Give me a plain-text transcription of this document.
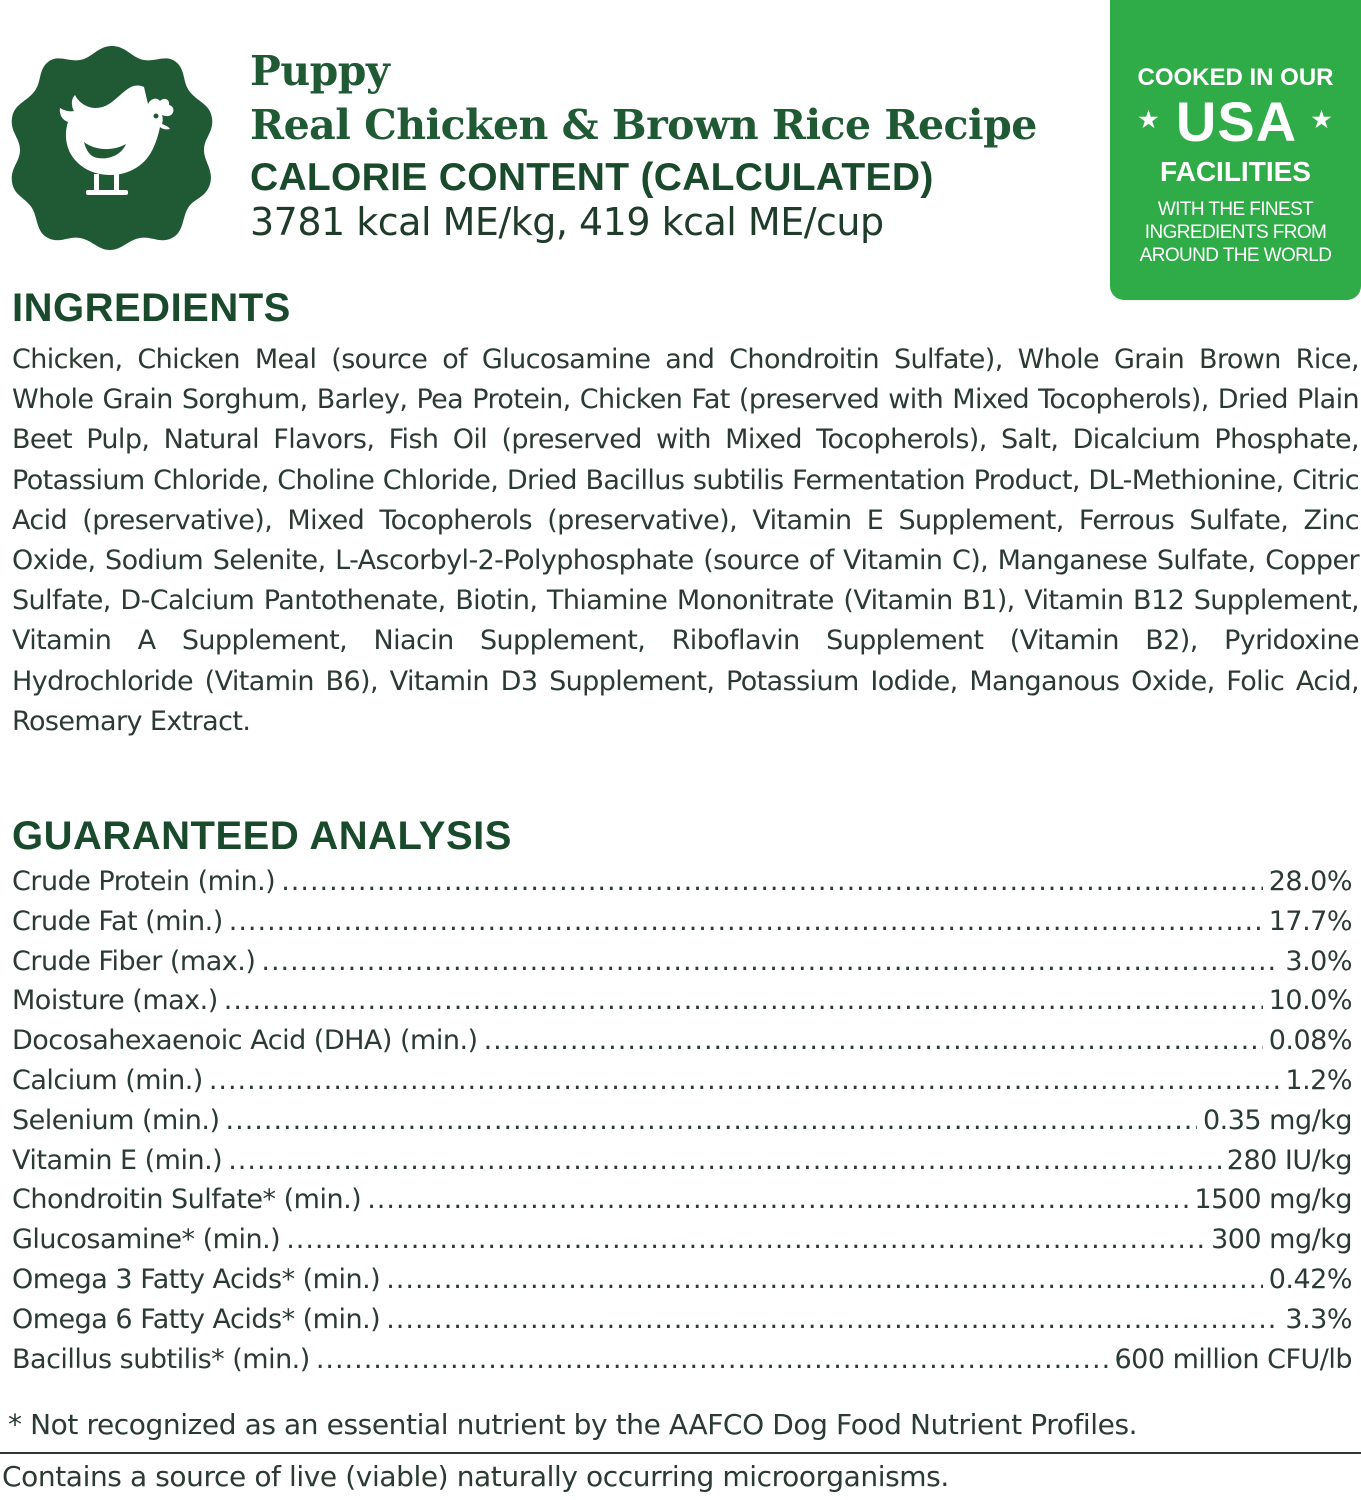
Puppy
Real Chicken & Brown Rice Recipe
CALORIE CONTENT (CALCULATED)
3781 kcal ME/kg, 419 kcal ME/cup
COOKED IN OUR
★ USA ★
FACILITIES
WITH THE FINEST INGREDIENTS FROM AROUND THE WORLD
INGREDIENTS
Chicken, Chicken Meal (source of Glucosamine and Chondroitin Sulfate), Whole Grain Brown Rice, Whole Grain Sorghum, Barley, Pea Protein, Chicken Fat (preserved with Mixed Tocopherols), Dried Plain Beet Pulp, Natural Flavors, Fish Oil (preserved with Mixed Tocopherols), Salt, Dicalcium Phosphate, Potassium Chloride, Choline Chloride, Dried Bacillus subtilis Fermentation Product, DL-Methionine, Citric Acid (preservative), Mixed Tocopherols (preservative), Vitamin E Supplement, Ferrous Sulfate, Zinc Oxide, Sodium Selenite, L-Ascorbyl-2-Polyphosphate (source of Vitamin C), Manganese Sulfate, Copper Sulfate, D-Calcium Pantothenate, Biotin, Thiamine Mononitrate (Vitamin B1), Vitamin B12 Supplement, Vitamin A Supplement, Niacin Supplement, Riboflavin Supplement (Vitamin B2), Pyridoxine Hydrochloride (Vitamin B6), Vitamin D3 Supplement, Potassium Iodide, Manganous Oxide, Folic Acid, Rosemary Extract.
GUARANTEED ANALYSIS
Crude Protein (min.) .....	28.0%
Crude Fat (min.) .....	17.7%
Crude Fiber (max.) .....	3.0%
Moisture (max.) .....	10.0%
Docosahexaenoic Acid (DHA) (min.) .....	0.08%
Calcium (min.) .....	1.2%
Selenium (min.) .....	0.35 mg/kg
Vitamin E (min.) .....	280 IU/kg
Chondroitin Sulfate* (min.) .....	1500 mg/kg
Glucosamine* (min.) .....	300 mg/kg
Omega 3 Fatty Acids* (min.) .....	0.42%
Omega 6 Fatty Acids* (min.) .....	3.3%
Bacillus subtilis* (min.) .....	600 million CFU/lb
* Not recognized as an essential nutrient by the AAFCO Dog Food Nutrient Profiles.
Contains a source of live (viable) naturally occurring microorganisms.
